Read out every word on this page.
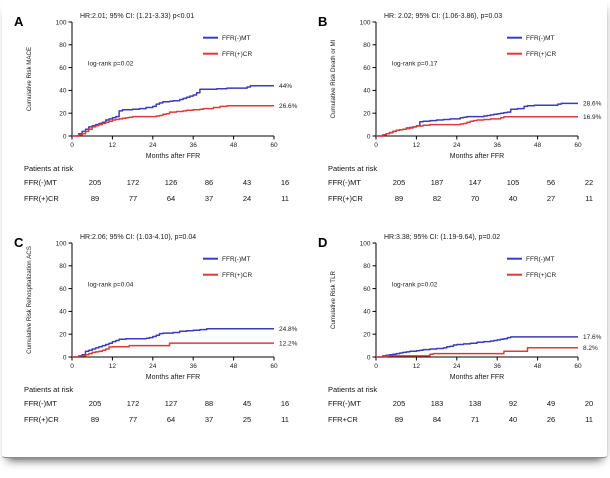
A
0
20
40
60
80
100
0	12	24	36	48	60
HR:2.01; 95% CI: (1.21-3.33) p<0.01
log-rank p=0.02
Months after FFR
Cumulative Risk MACE
FFR(-)MT
FFR(+)CR
44%
26.6%
Patients at risk
FFR(-)MT	205	172	126	86	43	16
FFR(+)CR	89	77	64	37	24	11
B
0
20
40
60
80
100
0	12	24	36	48	60
HR: 2.02; 95% CI: (1.06-3.86), p=0.03
log-rank p=0.17
Months after FFR
Cumulative Risk Death or MI
FFR(-)MT
FFR(+)CR
28.6%
16.9%
Patients at risk
FFR(-)MT	205	187	147	105	56	22
FFR(+)CR	89	82	70	40	27	11
C
0
20
40
60
80
100
0	12	24	36	48	60
HR:2.06; 95% CI: (1.03-4.10), p=0.04
log-rank p=0.04
Months after FFR
Cumulative Risk Rehospitalization ACS	FFR(-)MT
FFR(+)CR
24.8%
12.2%
Patients at risk
FFR(-)MT	205	172	127	88	45	16
FFR(+)CR	89	77	64	37	25	11
D
0
20
40
60
80
100
0	12	24	36	48	60
HR:3.38; 95% CI: (1.19-9.64), p=0.02
log-rank p=0.02
Months after FFR
Cumulative Risk TLR
FFR(-)MT
FFR(+)CR
17.6%
8.2%
Patients at risk
FFR(-)MT	205	183	138	92	49	20
FFR+CR	89	84	71	40	26	11
